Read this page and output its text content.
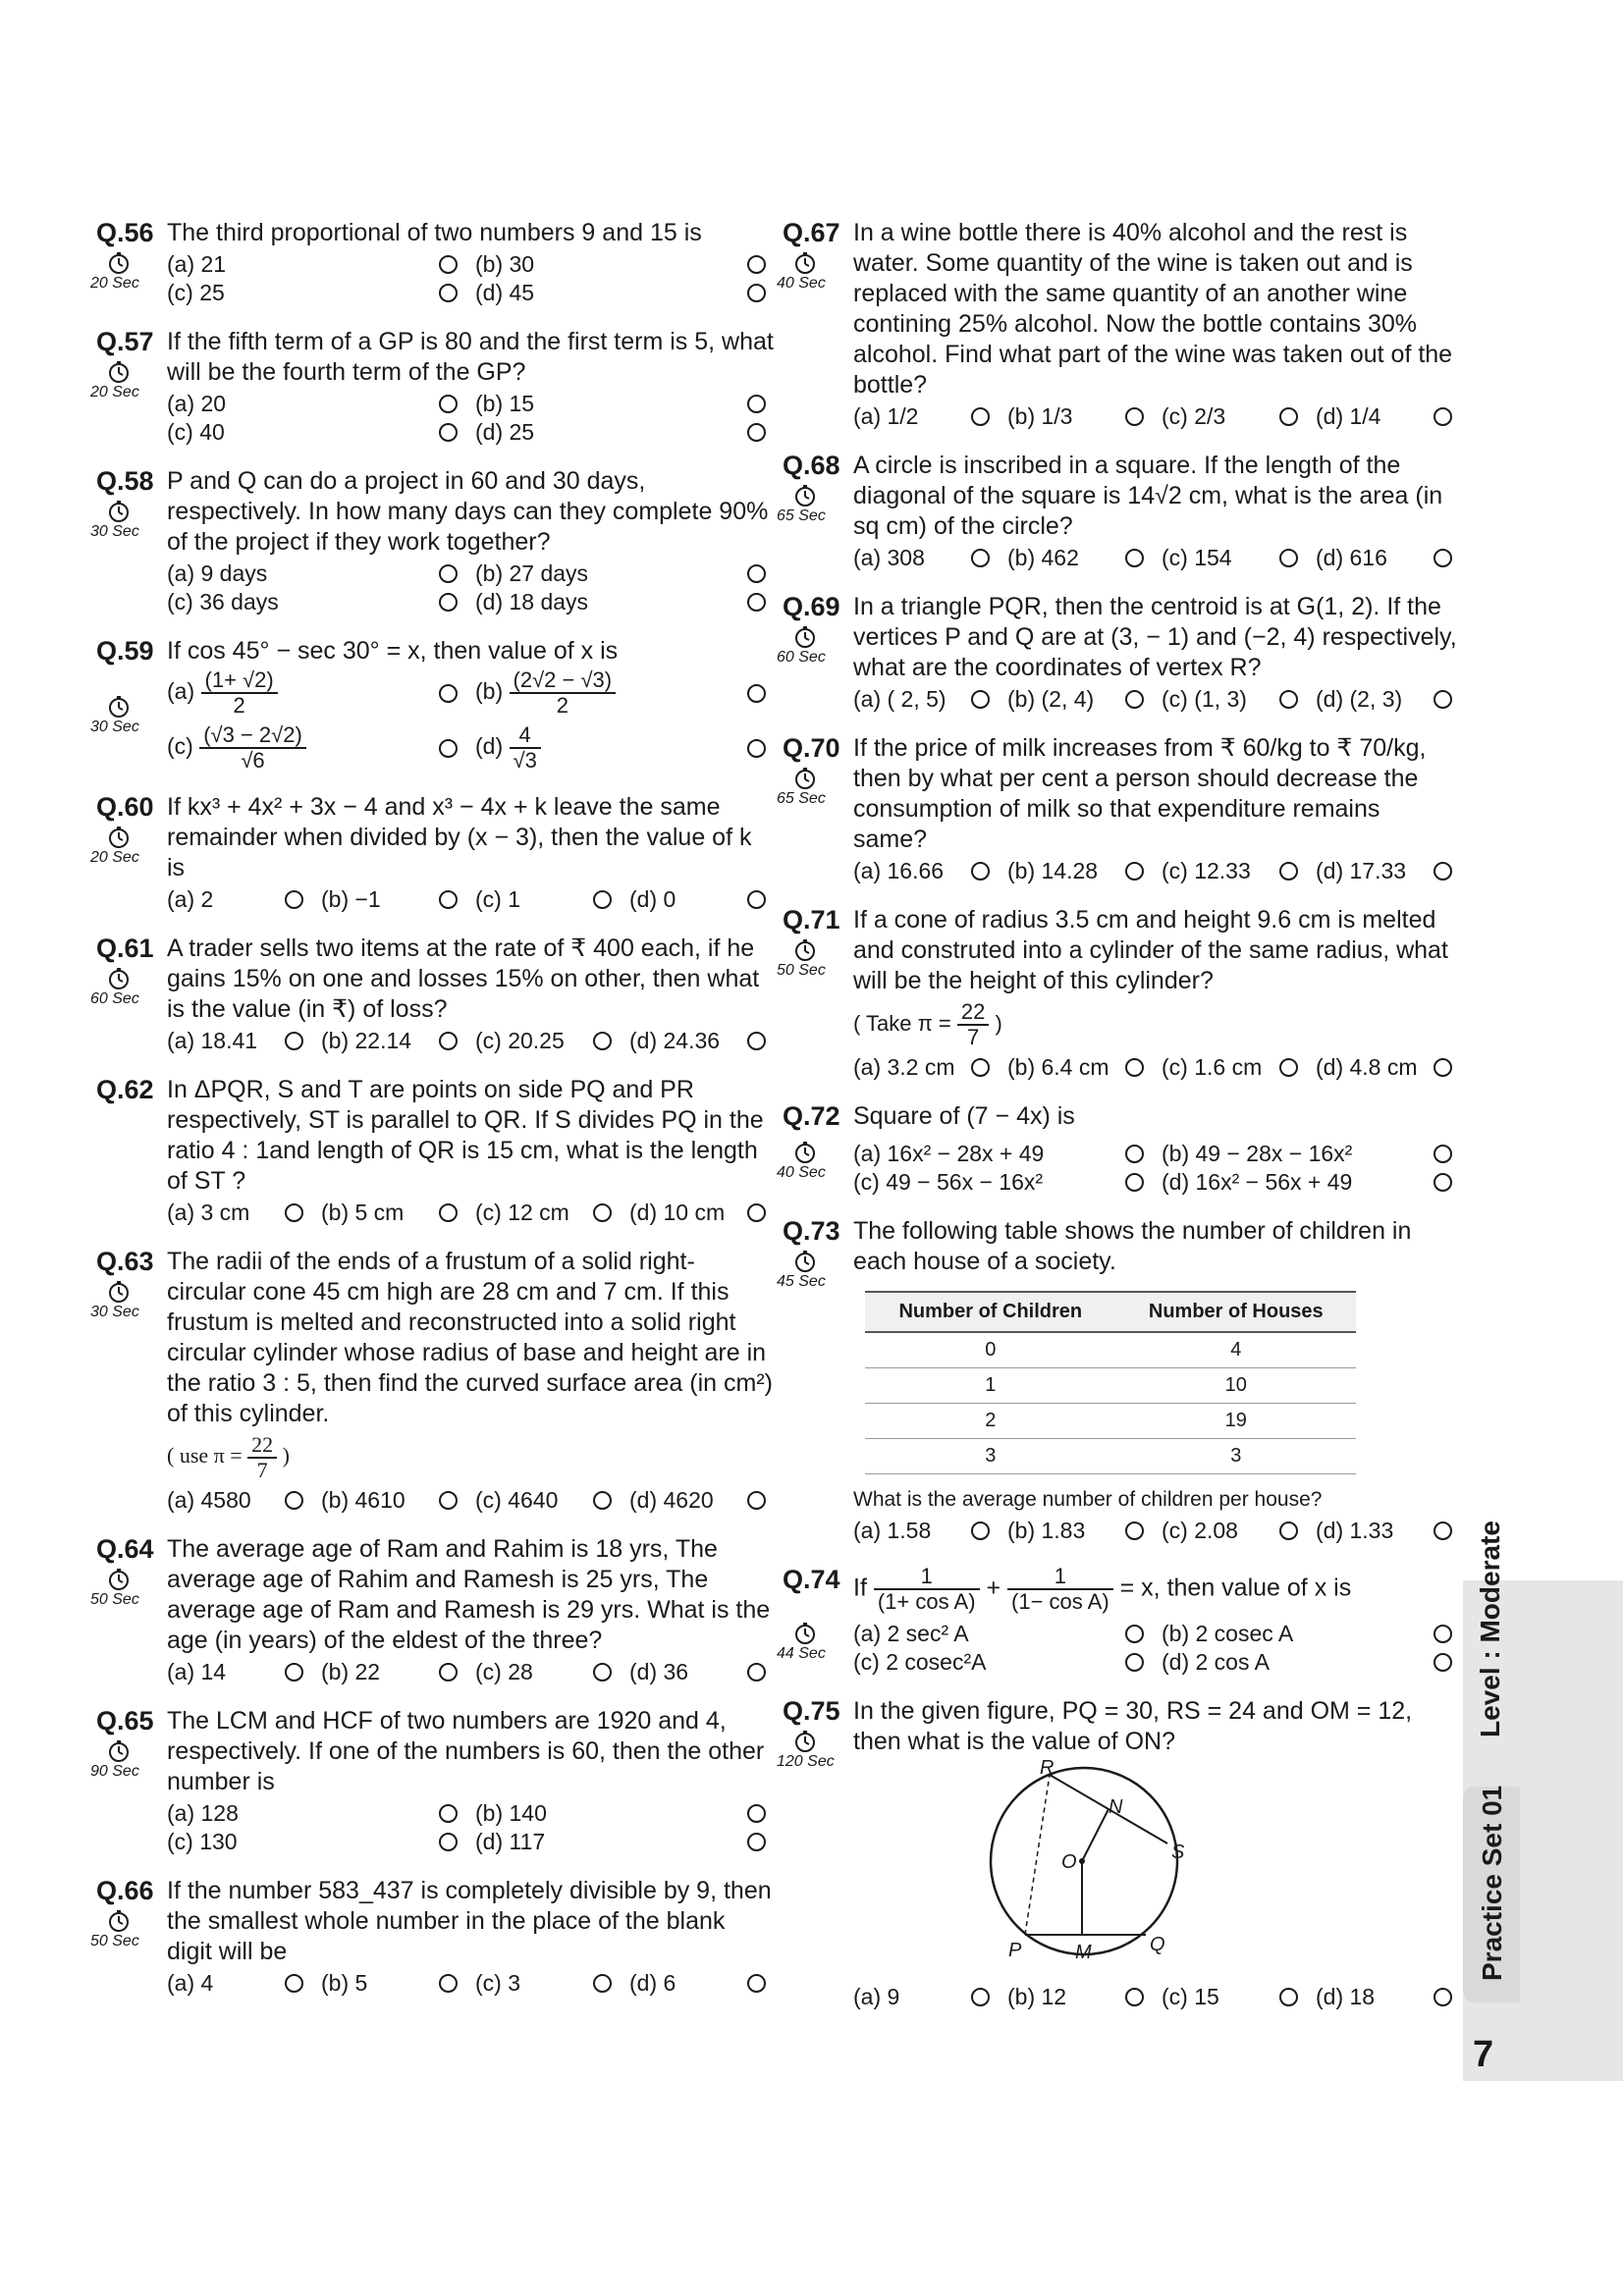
Q.56
20 Sec

The third proportional of two numbers 9 and 15 is

(a) 21	(b) 30
(c) 25	(d) 45
Q.57
20 Sec

If the fifth term of a GP is 80 and the first term is 5, what will be the fourth term of the GP?

(a) 20	(b) 15
(c) 40	(d) 25
Q.58
30 Sec

P and Q can do a project in 60 and 30 days, respectively. In how many days can they complete 90% of the project if they work together?

(a) 9 days	(b) 27 days
(c) 36 days	(d) 18 days
Q.59
30 Sec

If cos 45° − sec 30° = x, then value of x is

$(a) \frac{(1+ √2)}{2}$	$(b) \frac{(2√2 - √3)}{2}$
$(c) \frac{(√3 - 2√2)}{√6}$	$(d) \frac{4}{√3}$
Q.60
20 Sec

If kx³ + 4x² + 3x − 4 and x³ − 4x + k leave the same remainder when divided by (x − 3), then the value of k is

(a) 2	(b) −1	(c) 1	(d) 0
Q.61
60 Sec

A trader sells two items at the rate of ₹ 400 each, if he gains 15% on one and losses 15% on other, then what is the value (in ₹) of loss?

(a) 18.41	(b) 22.14	(c) 20.25	(d) 24.36
Q.62 In ΔPQR, S and T are points on side PQ and PR respectively, ST is parallel to QR. If S divides PQ in the ratio 4 : 1and length of QR is 15 cm, what is the length of ST ?

(a) 3 cm	(b) 5 cm	(c) 12 cm	(d) 10 cm
Q.63
30 Sec

The radii of the ends of a frustum of a solid right-circular cone 45 cm high are 28 cm and 7 cm. If this frustum is melted and reconstructed into a solid right circular cylinder whose radius of base and height are in the ratio 3 : 5, then find the curved surface area (in cm²) of this cylinder.

( use $\pi = \frac{22}{7}$ )
(a) 4580	(b) 4610	(c) 4640	(d) 4620
Q.64
50 Sec

The average age of Ram and Rahim is 18 yrs, The average age of Rahim and Ramesh is 25 yrs, The average age of Ram and Ramesh is 29 yrs. What is the age (in years) of the eldest of the three?

(a) 14	(b) 22	(c) 28	(d) 36
Q.65
90 Sec

The LCM and HCF of two numbers are 1920 and 4, respectively. If one of the numbers is 60, then the other number is

(a) 128	(b) 140
(c) 130	(d) 117
Q.66
50 Sec

If the number 583_437 is completely divisible by 9, then the smallest whole number in the place of the blank digit will be

(a) 4	(b) 5	(c) 3	(d) 6
Q.67
40 Sec

In a wine bottle there is 40% alcohol and the rest is water. Some quantity of the wine is taken out and is replaced with the same quantity of an another wine contining 25% alcohol. Now the bottle contains 30% alcohol. Find what part of the wine was taken out of the bottle?

(a) 1/2	(b) 1/3	(c) 2/3	(d) 1/4
Q.68
65 Sec

A circle is inscribed in a square. If the length of the diagonal of the square is 14√2 cm, what is the area (in sq cm) of the circle?

(a) 308	(b) 462	(c) 154	(d) 616
Q.69
60 Sec

In a triangle PQR, then the centroid is at G(1, 2). If the vertices P and Q are at (3, − 1) and (−2, 4) respectively, what are the coordinates of vertex R?

(a) ( 2, 5)	(b) (2, 4)	(c) (1, 3)	(d) (2, 3)
Q.70
65 Sec

If the price of milk increases from ₹ 60/kg to ₹ 70/kg, then by what per cent a person should decrease the consumption of milk so that expenditure remains same?

(a) 16.66	(b) 14.28	(c) 12.33	(d) 17.33
Q.71
50 Sec

If a cone of radius 3.5 cm and height 9.6 cm is melted and construted into a cylinder of the same radius, what will be the height of this cylinder?

( Take $\pi = \frac{22}{7}$ )
(a) 3.2 cm (b) 6.4 cm (c) 1.6 cm (d) 4.8 cm
Q.72
40 Sec

Square of (7 − 4x) is

(a) 16x² − 28x + 49	(b) 49 − 28x − 16x²
(c) 49 − 56x − 16x²	(d) 16x² − 56x + 49
Q.73
45 Sec

The following table shows the number of children in each house of a society.

Number of Children	Number of Houses
0	4
1	10
2	19
3	3

What is the average number of children per house?

(a) 1.58	(b) 1.83	(c) 2.08	(d) 1.33
Q.74
44 Sec

If $\frac{1}{\text{(1+ cos A)}} + \frac{1}{\text{(1− cos A)}} = x$, then value of x is

(a) 2 sec² A	(b) 2 cosec A
(c) 2 cosec²A	(d) 2 cos A
Q.75
120 Sec

In the given figure, PQ = 30, RS = 24 and OM = 12, then what is the value of ON?

R
N
O	S
P	M	Q
(a) 9	(b) 12	(c) 15	(d) 18
Level : Moderate
Practice Set 01
7
